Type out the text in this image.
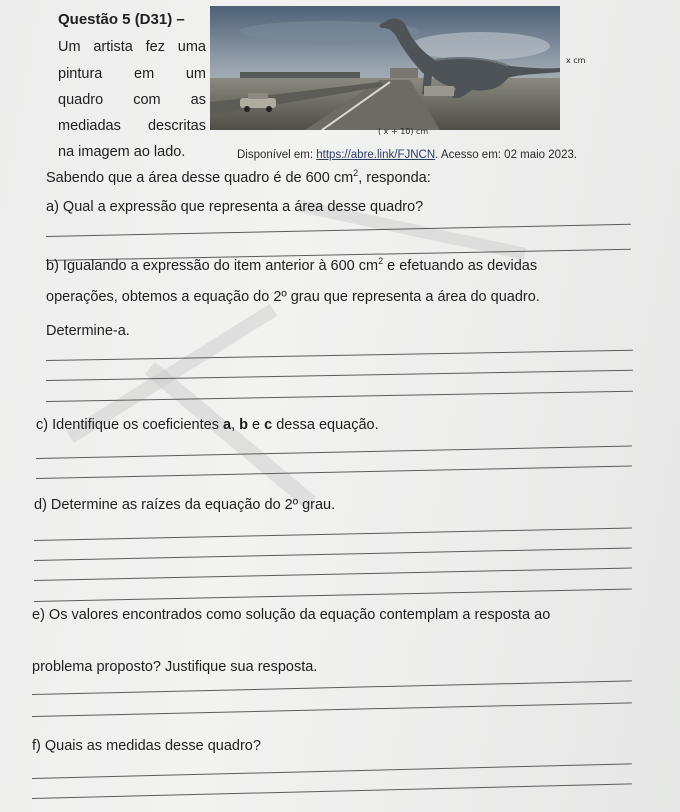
Questão 5 (D31) –
Um artista fez uma
pintura em um
quadro com as
mediadas descritas
na imagem ao lado.
x cm
( x + 10) cm
Disponível em: https://abre.link/FJNCN. Acesso em: 02 maio 2023.
Sabendo que a área desse quadro é de 600 $cm^2$, responda:
a) Qual a expressão que representa a área desse quadro?
b) Igualando a expressão do item anterior à 600 $cm^2$ e efetuando as devidas
operações, obtemos a equação do 2º grau que representa a área do quadro.
Determine-a.
c) Identifique os coeficientes a, b e c dessa equação.
d) Determine as raízes da equação do 2º grau.
e) Os valores encontrados como solução da equação contemplam a resposta ao
problema proposto? Justifique sua resposta.
f) Quais as medidas desse quadro?
